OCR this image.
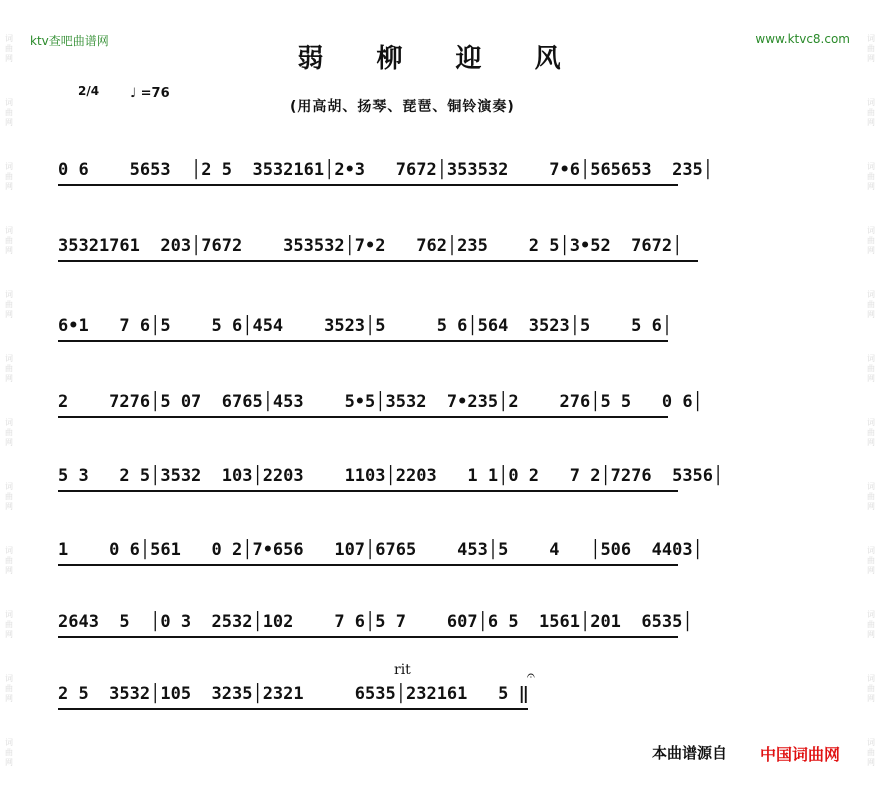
词
曲
网
词
曲
网
词
曲
网
词
曲
网
词
曲
网
词
曲
网
词
曲
网
词
曲
网
词
曲
网
词
曲
网
词
曲
网
词
曲
网
词
曲
网
词
曲
网
词
曲
网
词
曲
网
词
曲
网
词
曲
网
词
曲
网
词
曲
网
词
曲
网
词
曲
网
词
曲
网
词
曲
网
ktv查吧曲谱网	www.ktvc8.com
弱 柳 迎 风
2/4 ♩ =76
(用高胡、扬琴、琵琶、铜铃演奏)

0 6    5653  │2 5  3532161│2•3   7672│353532    7•6│565653  235│

35321761  203│7672    353532│7•2   762│235    2 5│3•52  7672│

6•1   7 6│5    5 6│454    3523│5     5 6│564  3523│5    5 6│

2    7276│5 07  6765│453    5•5│3532  7•235│2    276│5 5   0 6│

5 3   2 5│3532  103│2203    1103│2203   1 1│0 2   7 2│7276  5356│

1    0 6│561   0 2│7•656   107│6765    453│5    4   │506  4403│

2643  5  │0 3  2532│102    7 6│5 7    607│6 5  1561│201  6535│

2 5  3532│105  3235│2321     6535│232161   5 ‖

rit	𝄐
本曲谱源自 中国词曲网
